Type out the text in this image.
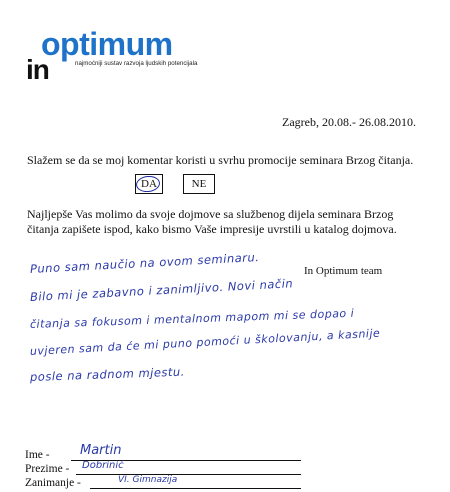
in
optimum
najmoćniji sustav razvoja ljudskih potencijala
Zagreb, 20.08.- 26.08.2010.
Slažem se da se moj komentar koristi u svrhu promocije seminara Brzog čitanja.
DA	NE
Najljepše Vas molimo da svoje dojmove sa službenog dijela seminara Brzog
čitanja zapišete ispod, kako bismo Vaše impresije uvrstili u katalog dojmova.
Puno sam naučio na ovom seminaru.	In Optimum team
Bilo mi je zabavno i zanimljivo. Novi način
čitanja sa fokusom i mentalnom mapom mi se dopao i
uvjeren sam da će mi puno pomoći u školovanju, a kasnije
posle na radnom mjestu.
Ime - Martin
Prezime - Dobrinić
Zanimanje -	VI. Gimnazija
